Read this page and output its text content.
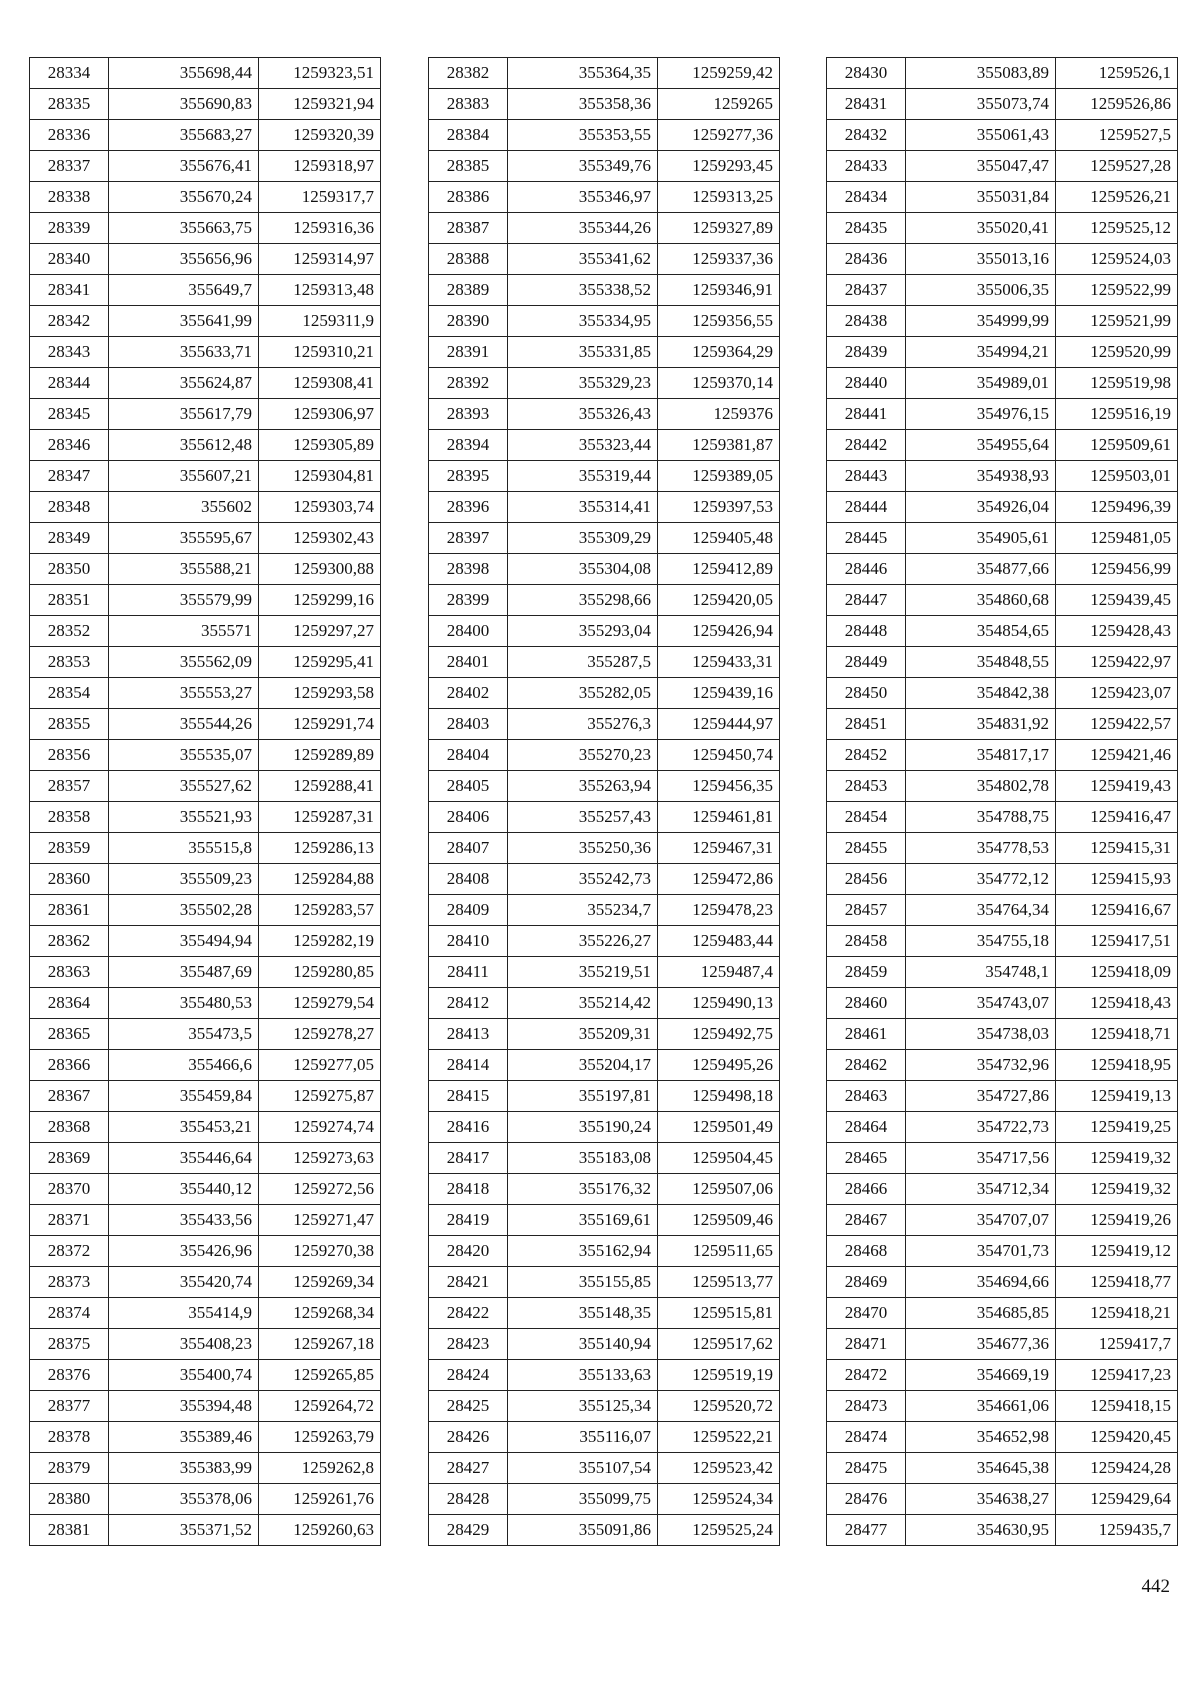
28334	355698,44	1259323,51
28335	355690,83	1259321,94
28336	355683,27	1259320,39
28337	355676,41	1259318,97
28338	355670,24	1259317,7
28339	355663,75	1259316,36
28340	355656,96	1259314,97
28341	355649,7	1259313,48
28342	355641,99	1259311,9
28343	355633,71	1259310,21
28344	355624,87	1259308,41
28345	355617,79	1259306,97
28346	355612,48	1259305,89
28347	355607,21	1259304,81
28348	355602	1259303,74
28349	355595,67	1259302,43
28350	355588,21	1259300,88
28351	355579,99	1259299,16
28352	355571	1259297,27
28353	355562,09	1259295,41
28354	355553,27	1259293,58
28355	355544,26	1259291,74
28356	355535,07	1259289,89
28357	355527,62	1259288,41
28358	355521,93	1259287,31
28359	355515,8	1259286,13
28360	355509,23	1259284,88
28361	355502,28	1259283,57
28362	355494,94	1259282,19
28363	355487,69	1259280,85
28364	355480,53	1259279,54
28365	355473,5	1259278,27
28366	355466,6	1259277,05
28367	355459,84	1259275,87
28368	355453,21	1259274,74
28369	355446,64	1259273,63
28370	355440,12	1259272,56
28371	355433,56	1259271,47
28372	355426,96	1259270,38
28373	355420,74	1259269,34
28374	355414,9	1259268,34
28375	355408,23	1259267,18
28376	355400,74	1259265,85
28377	355394,48	1259264,72
28378	355389,46	1259263,79
28379	355383,99	1259262,8
28380	355378,06	1259261,76
28381	355371,52	1259260,63
28382	355364,35	1259259,42
28383	355358,36	1259265
28384	355353,55	1259277,36
28385	355349,76	1259293,45
28386	355346,97	1259313,25
28387	355344,26	1259327,89
28388	355341,62	1259337,36
28389	355338,52	1259346,91
28390	355334,95	1259356,55
28391	355331,85	1259364,29
28392	355329,23	1259370,14
28393	355326,43	1259376
28394	355323,44	1259381,87
28395	355319,44	1259389,05
28396	355314,41	1259397,53
28397	355309,29	1259405,48
28398	355304,08	1259412,89
28399	355298,66	1259420,05
28400	355293,04	1259426,94
28401	355287,5	1259433,31
28402	355282,05	1259439,16
28403	355276,3	1259444,97
28404	355270,23	1259450,74
28405	355263,94	1259456,35
28406	355257,43	1259461,81
28407	355250,36	1259467,31
28408	355242,73	1259472,86
28409	355234,7	1259478,23
28410	355226,27	1259483,44
28411	355219,51	1259487,4
28412	355214,42	1259490,13
28413	355209,31	1259492,75
28414	355204,17	1259495,26
28415	355197,81	1259498,18
28416	355190,24	1259501,49
28417	355183,08	1259504,45
28418	355176,32	1259507,06
28419	355169,61	1259509,46
28420	355162,94	1259511,65
28421	355155,85	1259513,77
28422	355148,35	1259515,81
28423	355140,94	1259517,62
28424	355133,63	1259519,19
28425	355125,34	1259520,72
28426	355116,07	1259522,21
28427	355107,54	1259523,42
28428	355099,75	1259524,34
28429	355091,86	1259525,24
28430	355083,89	1259526,1
28431	355073,74	1259526,86
28432	355061,43	1259527,5
28433	355047,47	1259527,28
28434	355031,84	1259526,21
28435	355020,41	1259525,12
28436	355013,16	1259524,03
28437	355006,35	1259522,99
28438	354999,99	1259521,99
28439	354994,21	1259520,99
28440	354989,01	1259519,98
28441	354976,15	1259516,19
28442	354955,64	1259509,61
28443	354938,93	1259503,01
28444	354926,04	1259496,39
28445	354905,61	1259481,05
28446	354877,66	1259456,99
28447	354860,68	1259439,45
28448	354854,65	1259428,43
28449	354848,55	1259422,97
28450	354842,38	1259423,07
28451	354831,92	1259422,57
28452	354817,17	1259421,46
28453	354802,78	1259419,43
28454	354788,75	1259416,47
28455	354778,53	1259415,31
28456	354772,12	1259415,93
28457	354764,34	1259416,67
28458	354755,18	1259417,51
28459	354748,1	1259418,09
28460	354743,07	1259418,43
28461	354738,03	1259418,71
28462	354732,96	1259418,95
28463	354727,86	1259419,13
28464	354722,73	1259419,25
28465	354717,56	1259419,32
28466	354712,34	1259419,32
28467	354707,07	1259419,26
28468	354701,73	1259419,12
28469	354694,66	1259418,77
28470	354685,85	1259418,21
28471	354677,36	1259417,7
28472	354669,19	1259417,23
28473	354661,06	1259418,15
28474	354652,98	1259420,45
28475	354645,38	1259424,28
28476	354638,27	1259429,64
28477	354630,95	1259435,7
442
